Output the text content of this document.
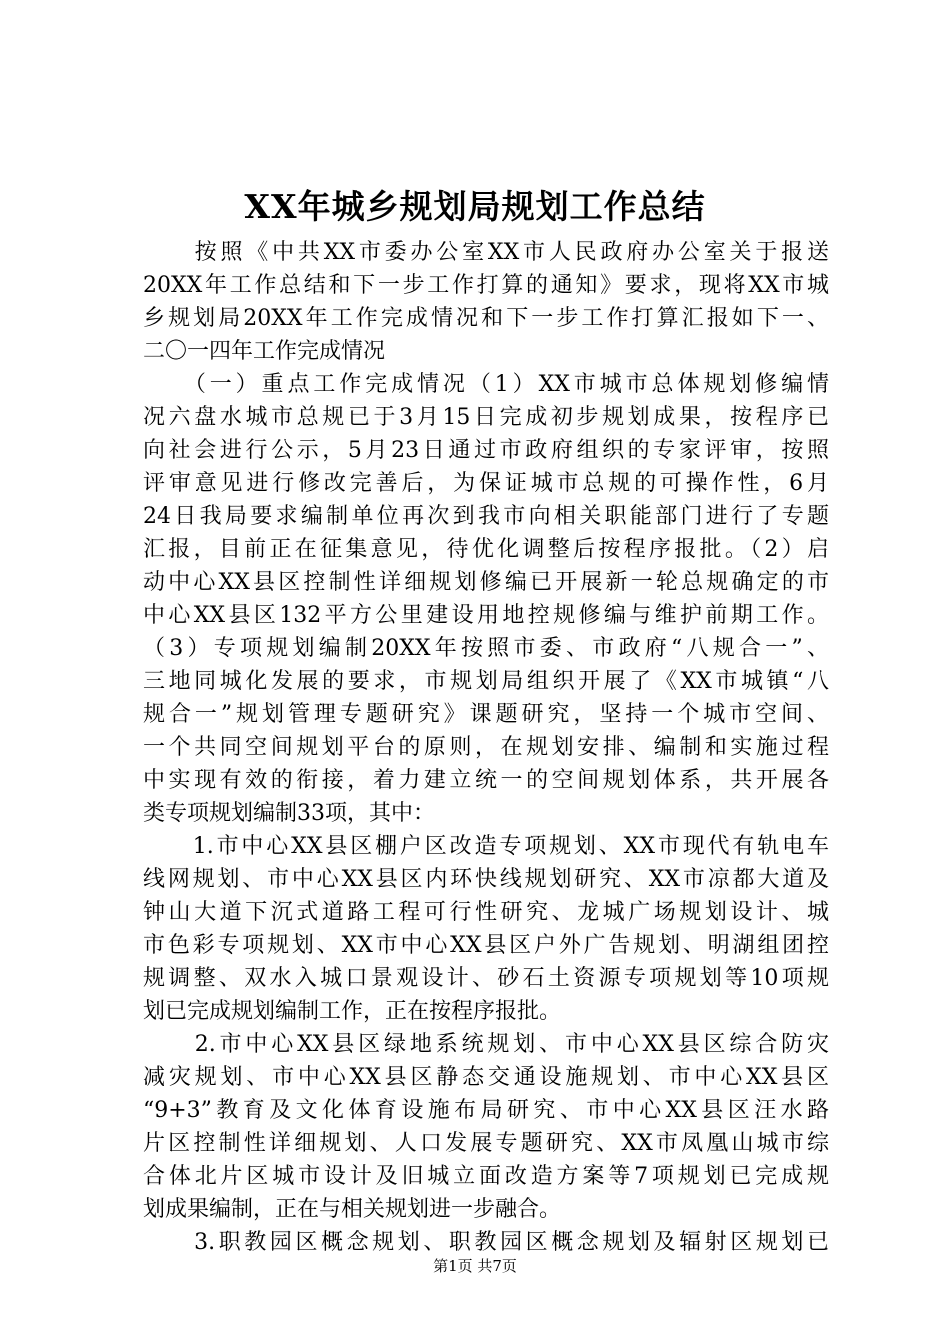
XX年城乡规划局规划工作总结
　　按照《中共XX市委办公室XX市人民政府办公室关于报送
20XX年工作总结和下一步工作打算的通知》要求，现将XX市城
乡规划局20XX年工作完成情况和下一步工作打算汇报如下一、
二〇一四年工作完成情况
　　（一）重点工作完成情况（1）XX市城市总体规划修编情
况六盘水城市总规已于3月15日完成初步规划成果，按程序已
向社会进行公示，5月23日通过市政府组织的专家评审，按照
评审意见进行修改完善后，为保证城市总规的可操作性，6月
24日我局要求编制单位再次到我市向相关职能部门进行了专题
汇报，目前正在征集意见，待优化调整后按程序报批。（2）启
动中心XX县区控制性详细规划修编已开展新一轮总规确定的市
中心XX县区132平方公里建设用地控规修编与维护前期工作。
（3）专项规划编制20XX年按照市委、市政府“八规合一”、
三地同城化发展的要求，市规划局组织开展了《XX市城镇“八
规合一”规划管理专题研究》课题研究，坚持一个城市空间、
一个共同空间规划平台的原则，在规划安排、编制和实施过程
中实现有效的衔接，着力建立统一的空间规划体系，共开展各
类专项规划编制33项，其中：
　　1.市中心XX县区棚户区改造专项规划、XX市现代有轨电车
线网规划、市中心XX县区内环快线规划研究、XX市凉都大道及
钟山大道下沉式道路工程可行性研究、龙城广场规划设计、城
市色彩专项规划、XX市中心XX县区户外广告规划、明湖组团控
规调整、双水入城口景观设计、砂石土资源专项规划等10项规
划已完成规划编制工作，正在按程序报批。
　　2.市中心XX县区绿地系统规划、市中心XX县区综合防灾
减灾规划、市中心XX县区静态交通设施规划、市中心XX县区
“9+3”教育及文化体育设施布局研究、市中心XX县区汪水路
片区控制性详细规划、人口发展专题研究、XX市凤凰山城市综
合体北片区城市设计及旧城立面改造方案等7项规划已完成规
划成果编制，正在与相关规划进一步融合。
　　3.职教园区概念规划、职教园区概念规划及辐射区规划已
第1页 共7页
